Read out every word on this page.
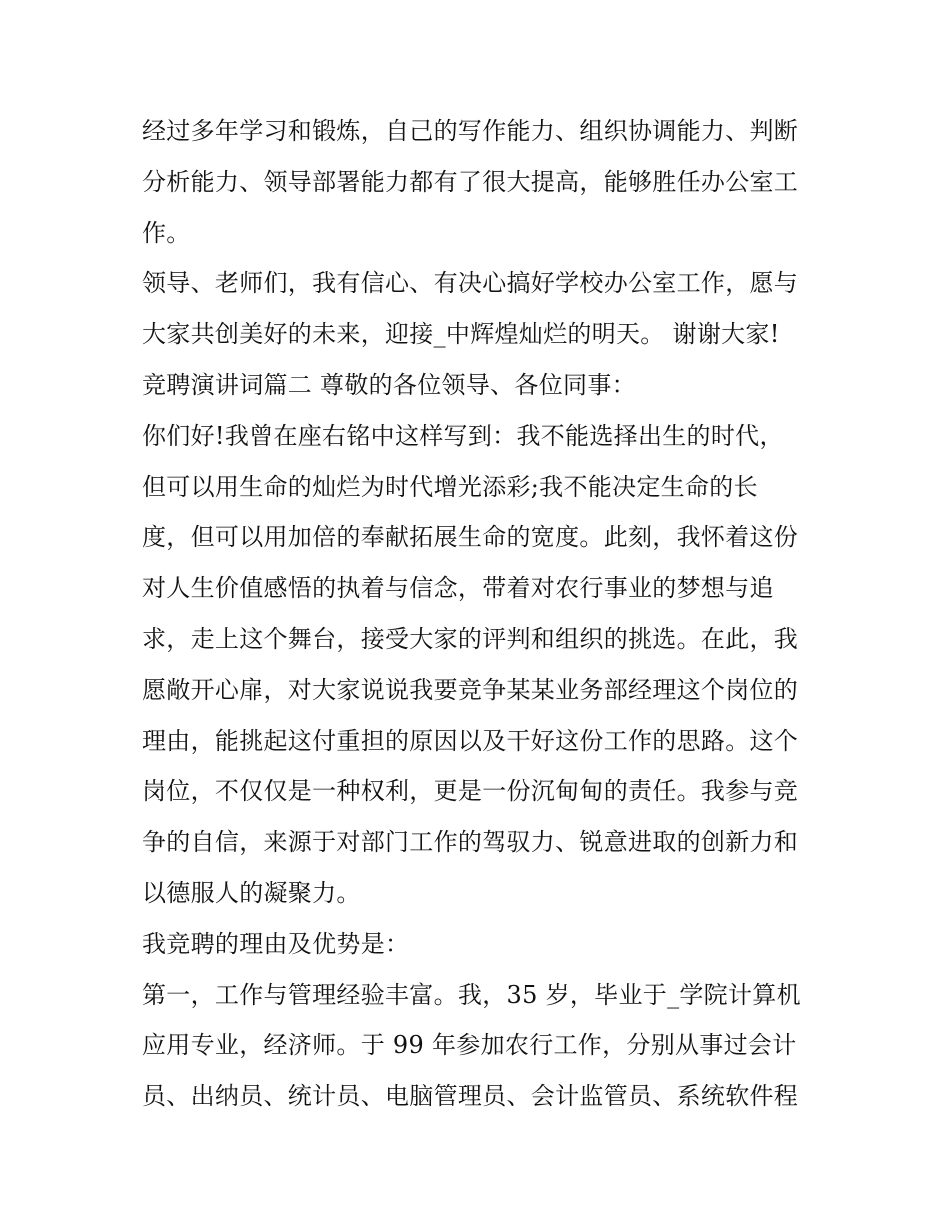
经过多年学习和锻炼，自己的写作能力、组织协调能力、判断
分析能力、领导部署能力都有了很大提高，能够胜任办公室工
作。
领导、老师们，我有信心、有决心搞好学校办公室工作，愿与
大家共创美好的未来，迎接_中辉煌灿烂的明天。 谢谢大家!
竞聘演讲词篇二 尊敬的各位领导、各位同事：
你们好!我曾在座右铭中这样写到：我不能选择出生的时代，
但可以用生命的灿烂为时代增光添彩;我不能决定生命的长
度，但可以用加倍的奉献拓展生命的宽度。此刻，我怀着这份
对人生价值感悟的执着与信念，带着对农行事业的梦想与追
求，走上这个舞台，接受大家的评判和组织的挑选。在此，我
愿敞开心扉，对大家说说我要竞争某某业务部经理这个岗位的
理由，能挑起这付重担的原因以及干好这份工作的思路。这个
岗位，不仅仅是一种权利，更是一份沉甸甸的责任。我参与竞
争的自信，来源于对部门工作的驾驭力、锐意进取的创新力和
以德服人的凝聚力。
我竞聘的理由及优势是：
第一，工作与管理经验丰富。我，35 岁，毕业于_学院计算机
应用专业，经济师。于 99 年参加农行工作，分别从事过会计
员、出纳员、统计员、电脑管理员、会计监管员、系统软件程
